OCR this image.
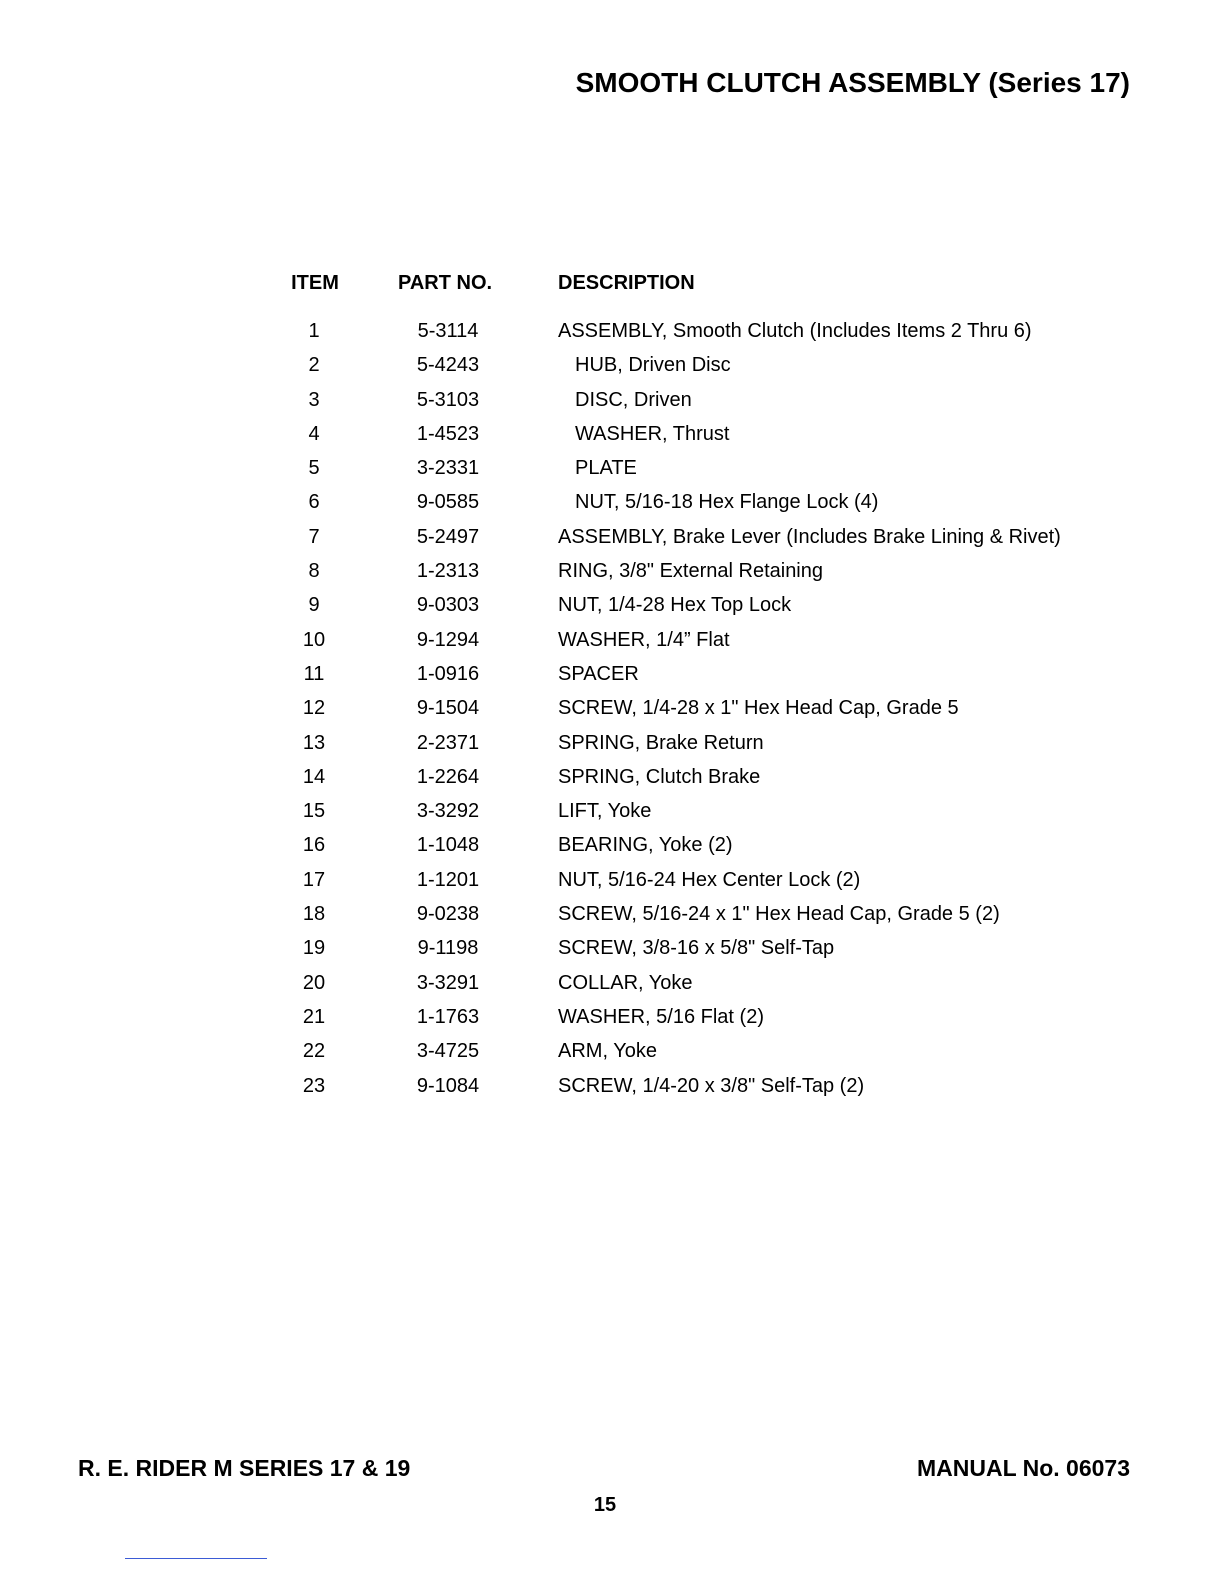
SMOOTH CLUTCH ASSEMBLY (Series 17)
ITEM	PART NO.	DESCRIPTION
1	5-3114	ASSEMBLY, Smooth Clutch (Includes Items 2 Thru 6)
2	5-4243	HUB, Driven Disc
3	5-3103	DISC, Driven
4	1-4523	WASHER, Thrust
5	3-2331	PLATE
6	9-0585	NUT, 5/16-18 Hex Flange Lock (4)
7	5-2497	ASSEMBLY, Brake Lever (Includes Brake Lining & Rivet)
8	1-2313	RING, 3/8" External Retaining
9	9-0303	NUT, 1/4-28 Hex Top Lock
10	9-1294	WASHER, 1/4” Flat
11	1-0916	SPACER
12	9-1504	SCREW, 1/4-28 x 1" Hex Head Cap, Grade 5
13	2-2371	SPRING, Brake Return
14	1-2264	SPRING, Clutch Brake
15	3-3292	LIFT, Yoke
16	1-1048	BEARING, Yoke (2)
17	1-1201	NUT, 5/16-24 Hex Center Lock (2)
18	9-0238	SCREW, 5/16-24 x 1" Hex Head Cap, Grade 5 (2)
19	9-1198	SCREW, 3/8-16 x 5/8" Self-Tap
20	3-3291	COLLAR, Yoke
21	1-1763	WASHER, 5/16 Flat (2)
22	3-4725	ARM, Yoke
23	9-1084	SCREW, 1/4-20 x 3/8" Self-Tap (2)
R. E. RIDER M SERIES 17 & 19	MANUAL No. 06073
15
